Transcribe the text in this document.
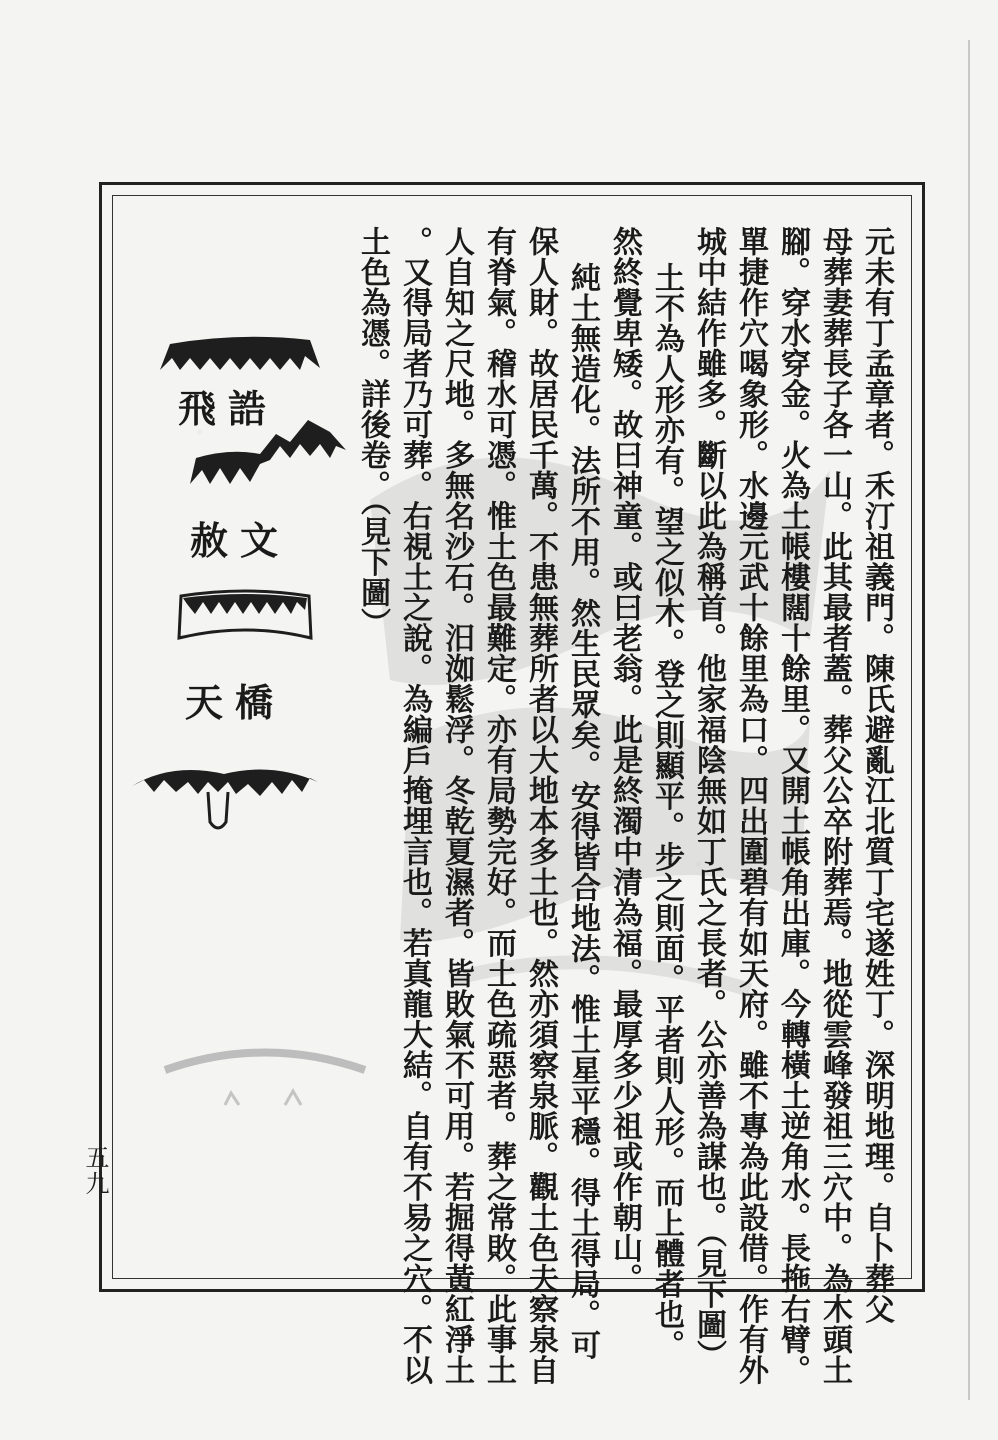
元未有丁孟章者。禾汀祖義門。陳氏避亂江北質丁宅遂姓丁。深明地理。自卜葬父
母葬妻葬長子各一山。此其最者蓋。葬父公卒附葬焉。地從雲峰發祖三穴中。為木頭土
腳。穿水穿金。火為土帳樓闊十餘里。又開土帳角出庫。今轉橫土逆角水。長拖右臂。
單捷作穴喝象形。水邊元武十餘里為口。四出圍碧有如天府。雖不專為此設借。作有外
城中結作雖多。斷以此為稱首。他家福陰無如丁氏之長者。公亦善為謀也。（見下圖）
土不為人形亦有。望之似木。登之則顯平。步之則面。平者則人形。而上體者也。
然終覺卑矮。故曰神童。或曰老翁。此是終濁中清為福。最厚多少祖或作朝山。
純土無造化。法所不用。然生民眾矣。安得皆合地法。惟土星平穩。得土得局。可
保人財。故居民千萬。不患無葬所者以大地本多土也。然亦須察泉脈。觀土色夫察泉自
有脊氣。稽水可憑。惟土色最難定。亦有局勢完好。而土色疏惡者。葬之常敗。此事土
人自知之尺地。多無名沙石。汨洳鬆浮。冬乾夏濕者。皆敗氣不可用。若掘得黃紅淨土
。又得局者乃可葬。右視土之說。為編戶掩埋言也。若真龍大結。自有不易之穴。不以
土色為憑。詳後卷。（見下圖）
飛誥
赦文
天橋
五九
